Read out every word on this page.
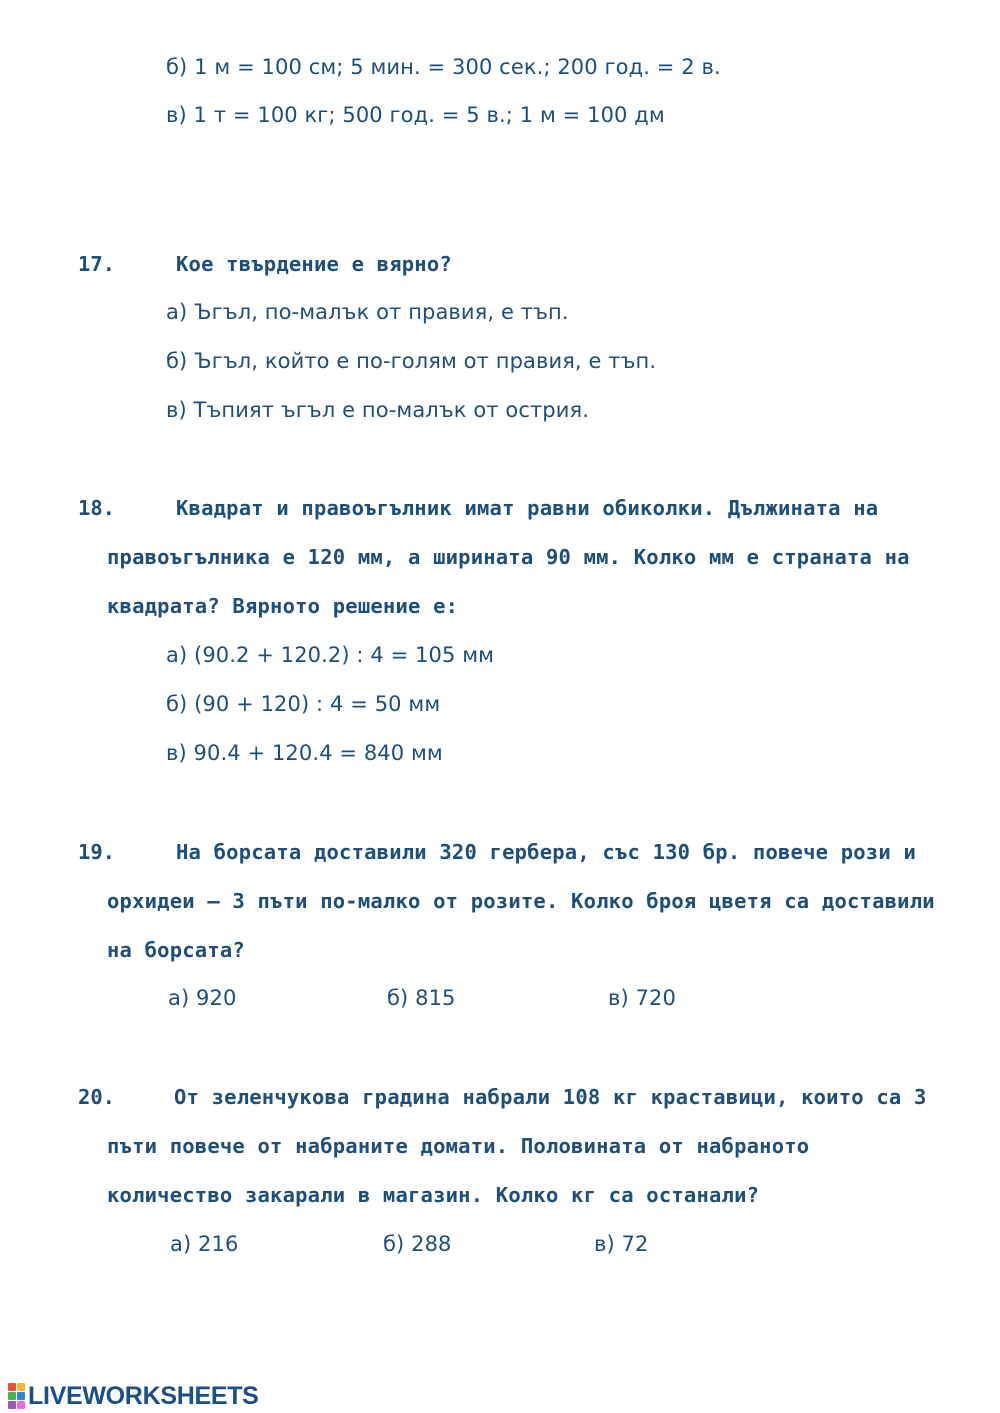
б) 1 м = 100 см; 5 мин. = 300 сек.; 200 год. = 2 в.

в) 1 т = 100 кг; 500 год. = 5 в.; 1 м = 100 дм

17.	Кое твърдение е вярно?

а) Ъгъл, по-малък от правия, е тъп.

б) Ъгъл, който е по-голям от правия, е тъп.

в) Тъпият ъгъл е по-малък от острия.

18.	Квадрат и правоъгълник имат равни обиколки. Дължината на

правоъгълника е 120 мм, а ширината 90 мм. Колко мм е страната на

квадрата? Вярното решение е:

а) (90.2 + 120.2) : 4 = 105 мм

б) (90 + 120) : 4 = 50 мм

в) 90.4 + 120.4 = 840 мм

19.	На борсата доставили 320 гербера, със 130 бр. повече рози и

орхидеи – 3 пъти по-малко от розите. Колко броя цветя са доставили

на борсата?

а) 920	б) 815	в) 720

20.	От зеленчукова градина набрали 108 кг краставици, които са 3

пъти повече от набраните домати. Половината от набраното

количество закарали в магазин. Колко кг са останали?

а) 216	б) 288	в) 72

LIVEWORKSHEETS
